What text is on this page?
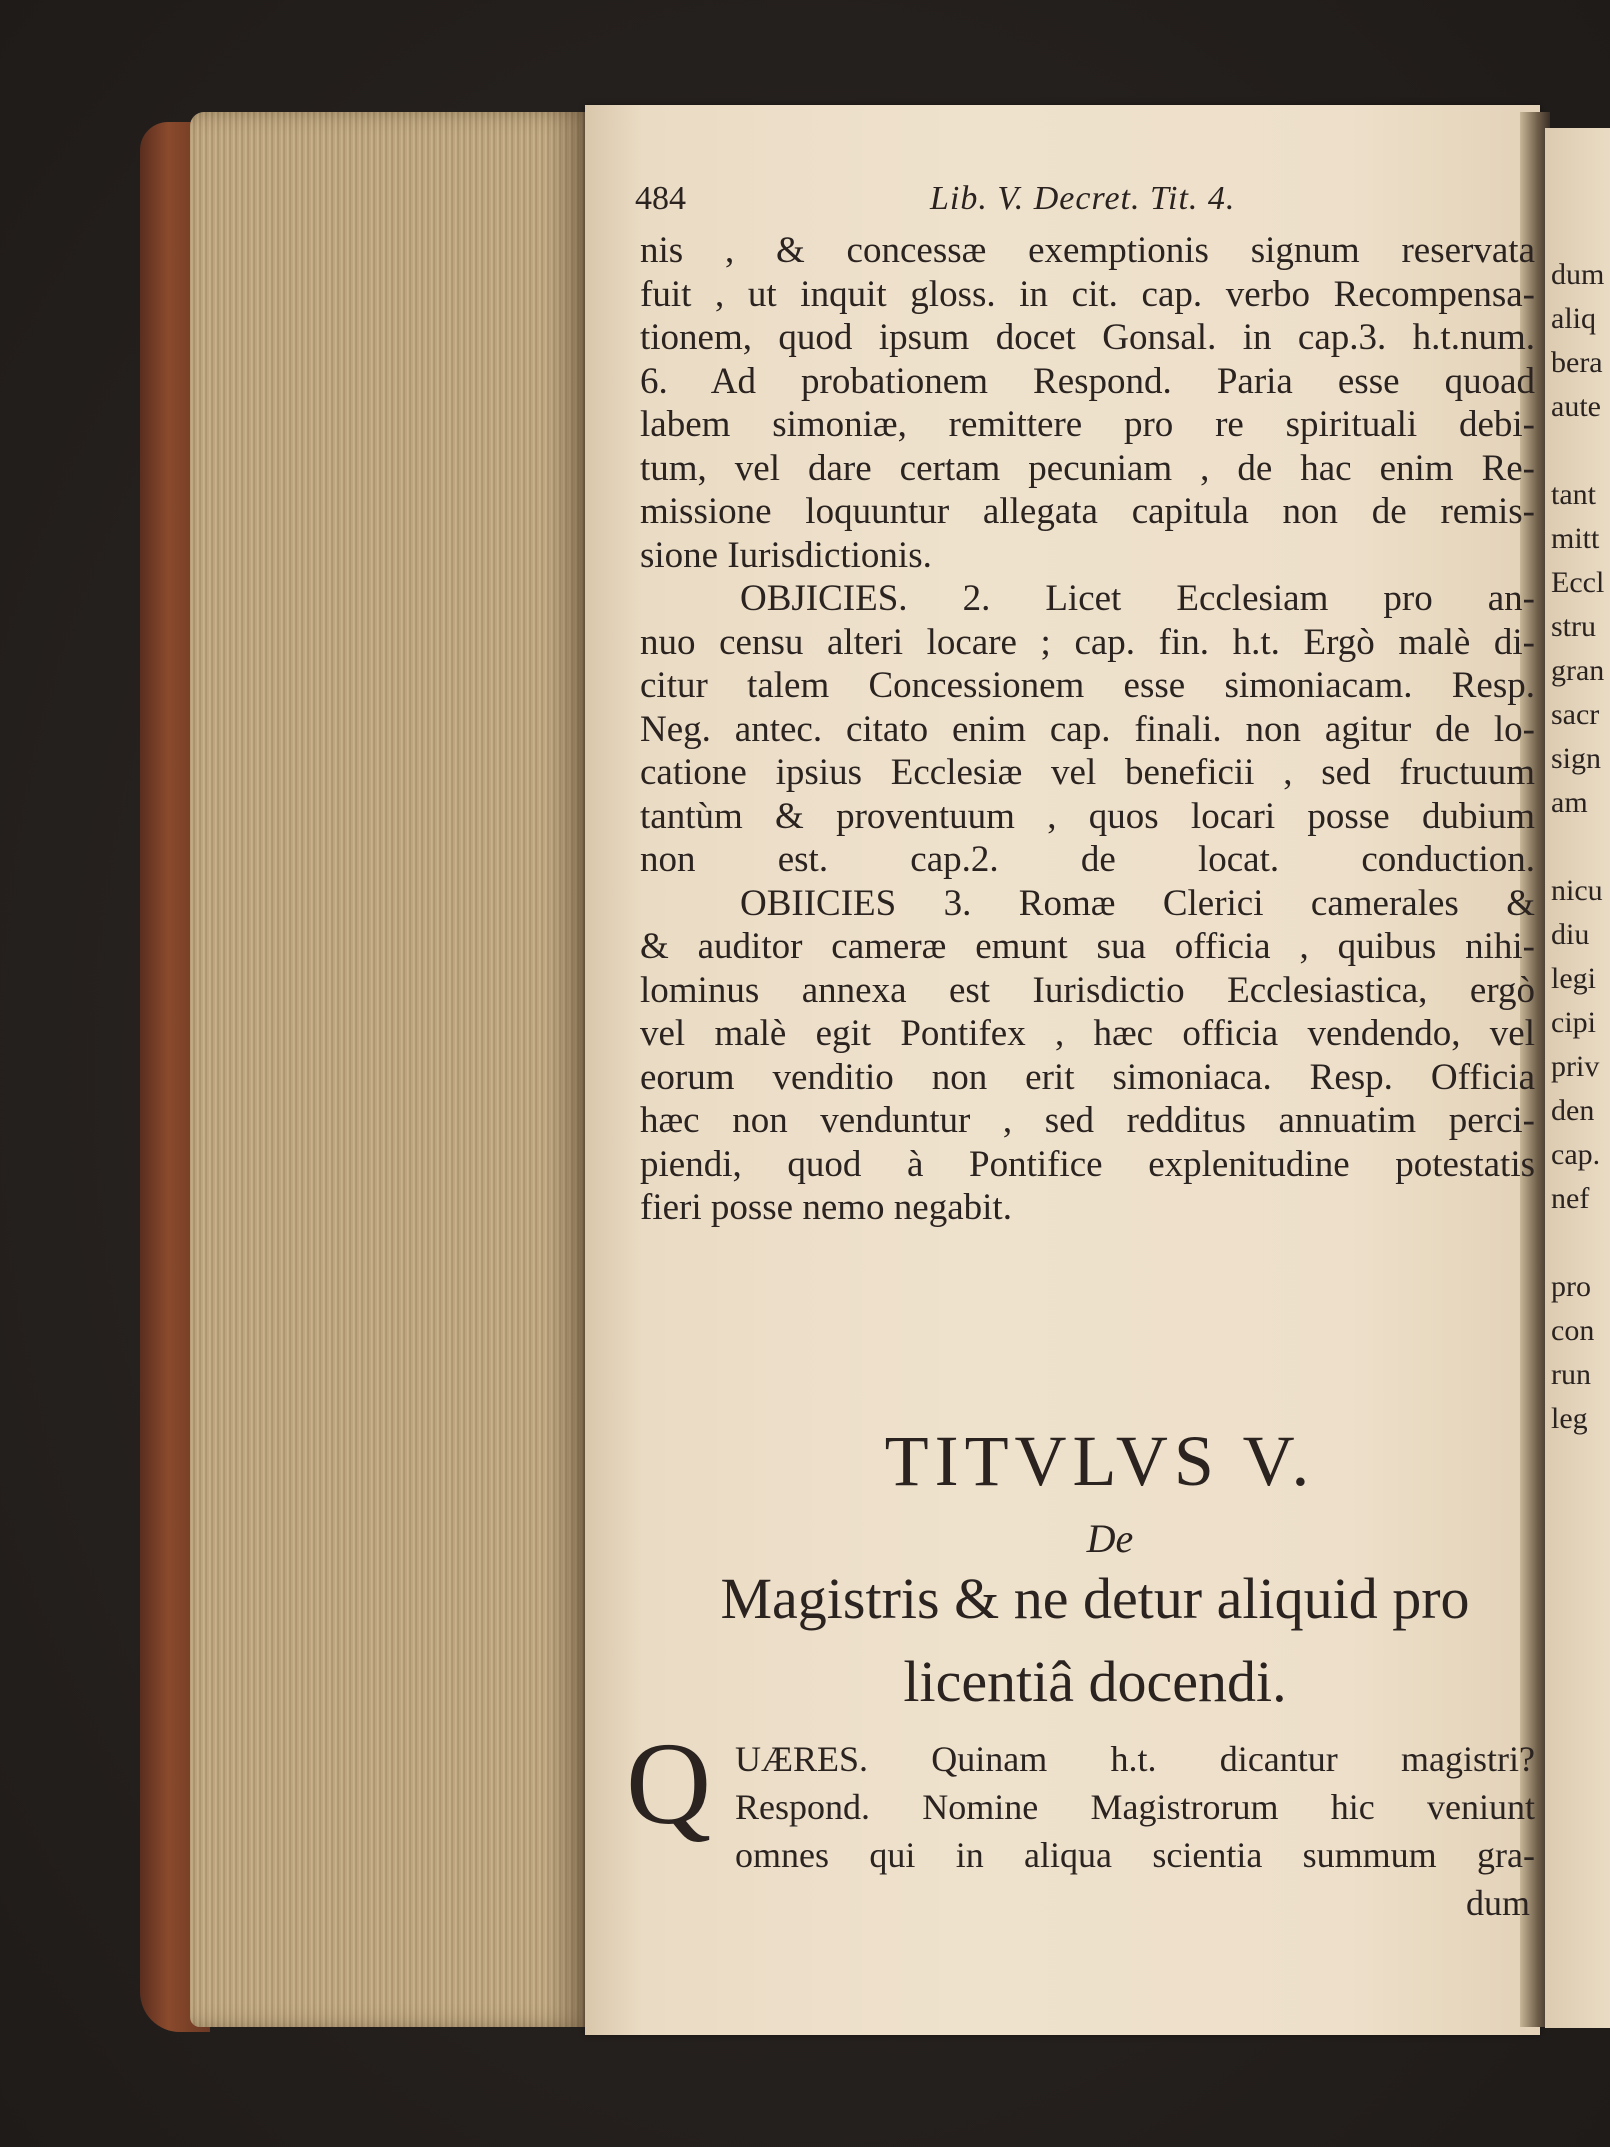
dum
aliq
bera
aute
tant
mitt
Eccl
stru
gran
sacr
sign
am
nicu
diu
legi
cipi
priv
den
cap.
nef
pro
con
run
leg
484	Lib. V. Decret. Tit. 4.
nis , & concessæ exemptionis signum reservata
fuit , ut inquit gloss. in cit. cap. verbo Recompensa-
tionem, quod ipsum docet Gonsal. in cap.3. h.t.num.
6. Ad probationem Respond. Paria esse quoad
labem simoniæ, remittere pro re spirituali debi-
tum, vel dare certam pecuniam , de hac enim Re-
missione loquuntur allegata capitula non de remis-
sione Iurisdictionis.
OBJICIES. 2. Licet Ecclesiam pro an-
nuo censu alteri locare ; cap. fin. h.t. Ergò malè di-
citur talem Concessionem esse simoniacam. Resp.
Neg. antec. citato enim cap. finali. non agitur de lo-
catione ipsius Ecclesiæ vel beneficii , sed fructuum
tantùm & proventuum , quos locari posse dubium
non est. cap.2. de locat. conduction.
OBIICIES 3. Romæ Clerici camerales &
& auditor cameræ emunt sua officia , quibus nihi-
lominus annexa est Iurisdictio Ecclesiastica, ergò
vel malè egit Pontifex , hæc officia vendendo, vel
eorum venditio non erit simoniaca. Resp. Officia
hæc non venduntur , sed redditus annuatim perci-
piendi, quod à Pontifice explenitudine potestatis
fieri posse nemo negabit.
TITVLVS V.
De
Magistris & ne detur aliquid pro
licentiâ docendi.
Q UÆRES. Quinam h.t. dicantur magistri?
Respond. Nomine Magistrorum hic veniunt
omnes qui in aliqua scientia summum gra-
dum
